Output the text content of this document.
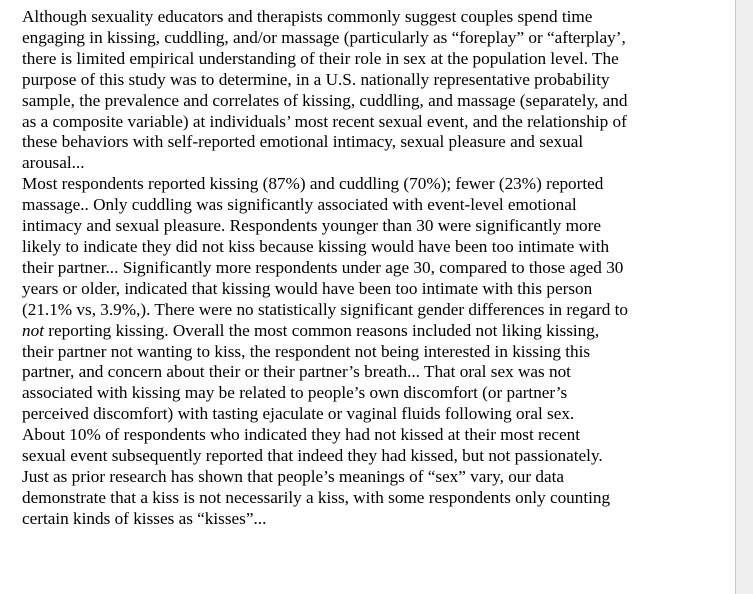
Although sexuality educators and therapists commonly suggest couples spend time
engaging in kissing, cuddling, and/or massage (particularly as “foreplay” or “afterplay’,
there is limited empirical understanding of their role in sex at the population level. The
purpose of this study was to determine, in a U.S. nationally representative probability
sample, the prevalence and correlates of kissing, cuddling, and massage (separately, and
as a composite variable) at individuals’ most recent sexual event, and the relationship of
these behaviors with self-reported emotional intimacy, sexual pleasure and sexual
arousal...

Most respondents reported kissing (87%) and cuddling (70%); fewer (23%) reported
massage.. Only cuddling was significantly associated with event-level emotional
intimacy and sexual pleasure. Respondents younger than 30 were significantly more
likely to indicate they did not kiss because kissing would have been too intimate with
their partner... Significantly more respondents under age 30, compared to those aged 30
years or older, indicated that kissing would have been too intimate with this person
(21.1% vs, 3.9%,). There were no statistically significant gender differences in regard to
not reporting kissing. Overall the most common reasons included not liking kissing,
their partner not wanting to kiss, the respondent not being interested in kissing this
partner, and concern about their or their partner’s breath... That oral sex was not
associated with kissing may be related to people’s own discomfort (or partner’s
perceived discomfort) with tasting ejaculate or vaginal fluids following oral sex.

About 10% of respondents who indicated they had not kissed at their most recent
sexual event subsequently reported that indeed they had kissed, but not passionately.
Just as prior research has shown that people’s meanings of “sex” vary, our data
demonstrate that a kiss is not necessarily a kiss, with some respondents only counting
certain kinds of kisses as “kisses”...
